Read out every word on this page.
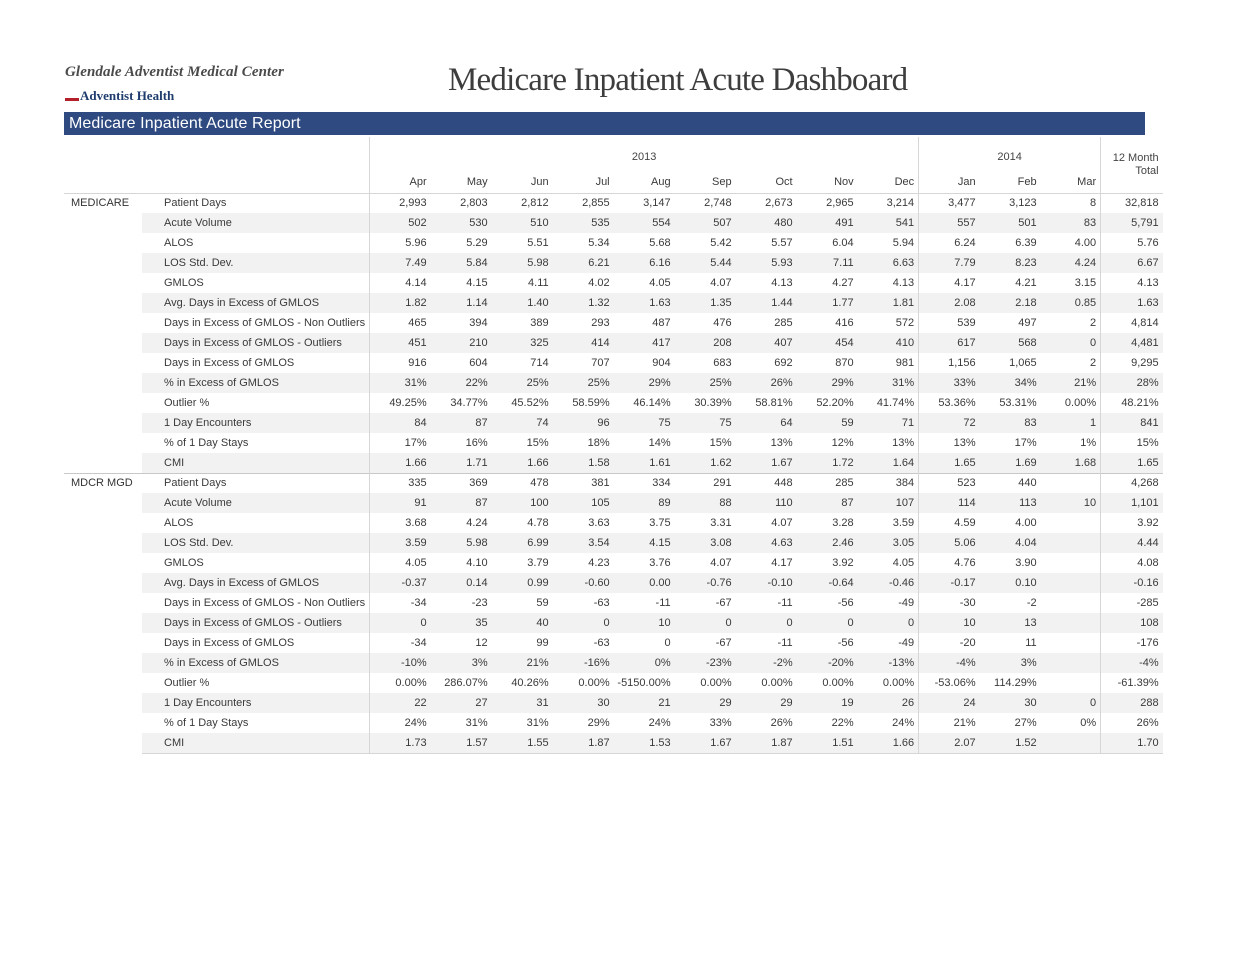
Glendale Adventist Medical Center
Adventist Health	Medicare Inpatient Acute Dashboard
Medicare Inpatient Acute Report
		2013									2014			12 Month Total
		Apr	May	Jun	Jul	Aug	Sep	Oct	Nov	Dec	Jan	Feb	Mar	
MEDICARE	Patient Days	2,993	2,803	2,812	2,855	3,147	2,748	2,673	2,965	3,214	3,477	3,123	8	32,818
	Acute Volume	502	530	510	535	554	507	480	491	541	557	501	83	5,791
	ALOS	5.96	5.29	5.51	5.34	5.68	5.42	5.57	6.04	5.94	6.24	6.39	4.00	5.76
	LOS Std. Dev.	7.49	5.84	5.98	6.21	6.16	5.44	5.93	7.11	6.63	7.79	8.23	4.24	6.67
	GMLOS	4.14	4.15	4.11	4.02	4.05	4.07	4.13	4.27	4.13	4.17	4.21	3.15	4.13
	Avg. Days in Excess of GMLOS	1.82	1.14	1.40	1.32	1.63	1.35	1.44	1.77	1.81	2.08	2.18	0.85	1.63
	Days in Excess of GMLOS - Non Outliers	465	394	389	293	487	476	285	416	572	539	497	2	4,814
	Days in Excess of GMLOS - Outliers	451	210	325	414	417	208	407	454	410	617	568	0	4,481
	Days in Excess of GMLOS	916	604	714	707	904	683	692	870	981	1,156	1,065	2	9,295
	% in Excess of GMLOS	31%	22%	25%	25%	29%	25%	26%	29%	31%	33%	34%	21%	28%
	Outlier %	49.25%	34.77%	45.52%	58.59%	46.14%	30.39%	58.81%	52.20%	41.74%	53.36%	53.31%	0.00%	48.21%
	1 Day Encounters	84	87	74	96	75	75	64	59	71	72	83	1	841
	% of 1 Day Stays	17%	16%	15%	18%	14%	15%	13%	12%	13%	13%	17%	1%	15%
	CMI	1.66	1.71	1.66	1.58	1.61	1.62	1.67	1.72	1.64	1.65	1.69	1.68	1.65
MDCR MGD	Patient Days	335	369	478	381	334	291	448	285	384	523	440		4,268
	Acute Volume	91	87	100	105	89	88	110	87	107	114	113	10	1,101
	ALOS	3.68	4.24	4.78	3.63	3.75	3.31	4.07	3.28	3.59	4.59	4.00		3.92
	LOS Std. Dev.	3.59	5.98	6.99	3.54	4.15	3.08	4.63	2.46	3.05	5.06	4.04		4.44
	GMLOS	4.05	4.10	3.79	4.23	3.76	4.07	4.17	3.92	4.05	4.76	3.90		4.08
	Avg. Days in Excess of GMLOS	-0.37	0.14	0.99	-0.60	0.00	-0.76	-0.10	-0.64	-0.46	-0.17	0.10		-0.16
	Days in Excess of GMLOS - Non Outliers	-34	-23	59	-63	-11	-67	-11	-56	-49	-30	-2		-285
	Days in Excess of GMLOS - Outliers	0	35	40	0	10	0	0	0	0	10	13		108
	Days in Excess of GMLOS	-34	12	99	-63	0	-67	-11	-56	-49	-20	11		-176
	% in Excess of GMLOS	-10%	3%	21%	-16%	0%	-23%	-2%	-20%	-13%	-4%	3%		-4%
	Outlier %	0.00%	286.07%	40.26%	0.00%	-5150.00%	0.00%	0.00%	0.00%	0.00%	-53.06%	114.29%		-61.39%
	1 Day Encounters	22	27	31	30	21	29	29	19	26	24	30	0	288
	% of 1 Day Stays	24%	31%	31%	29%	24%	33%	26%	22%	24%	21%	27%	0%	26%
	CMI	1.73	1.57	1.55	1.87	1.53	1.67	1.87	1.51	1.66	2.07	1.52		1.70
